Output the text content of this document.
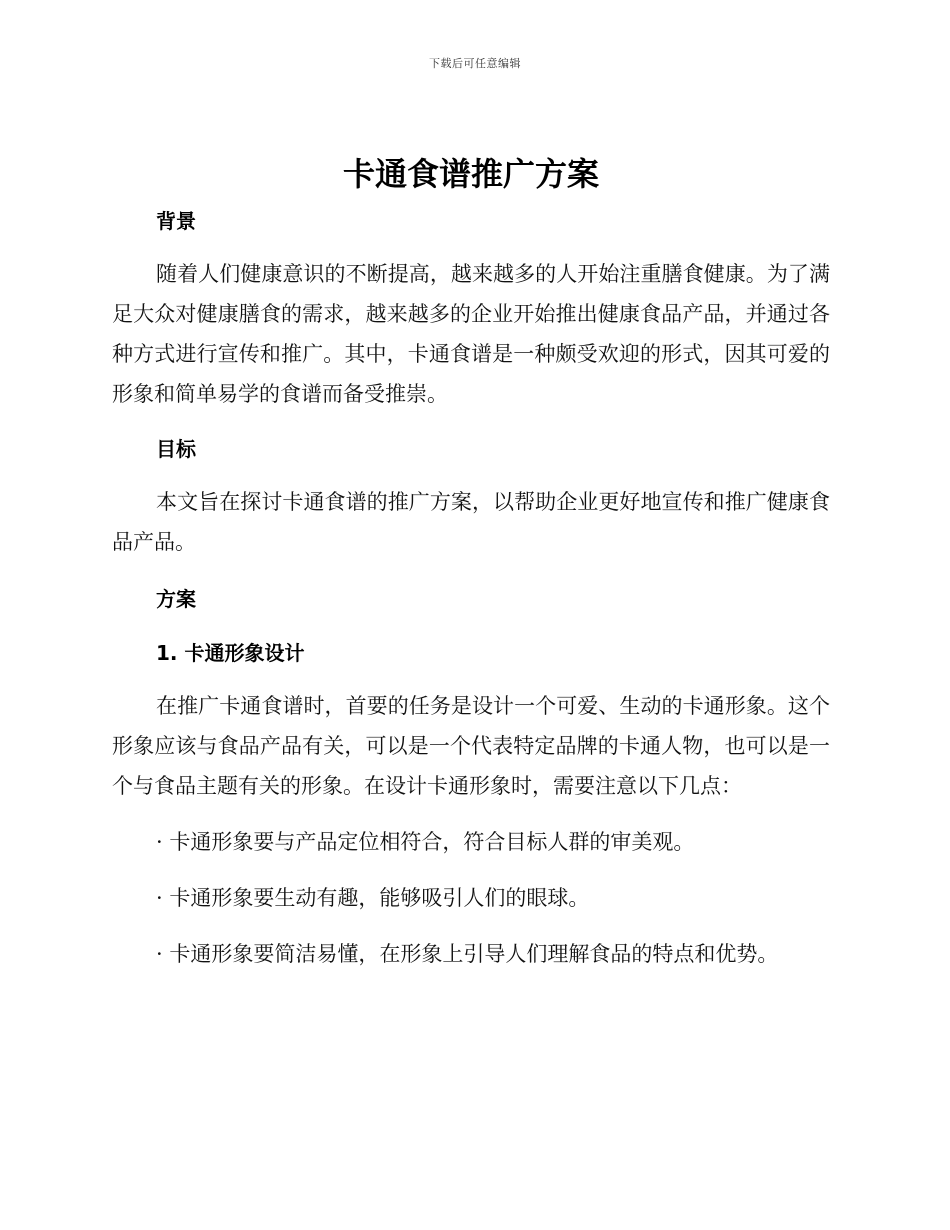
下载后可任意编辑
卡通食谱推广方案
背景

随着人们健康意识的不断提高，越来越多的人开始注重膳食健康。为了满足大众对健康膳食的需求，越来越多的企业开始推出健康食品产品，并通过各种方式进行宣传和推广。其中，卡通食谱是一种颇受欢迎的形式，因其可爱的形象和简单易学的食谱而备受推崇。

目标

本文旨在探讨卡通食谱的推广方案，以帮助企业更好地宣传和推广健康食品产品。

方案
1. 卡通形象设计

在推广卡通食谱时，首要的任务是设计一个可爱、生动的卡通形象。这个形象应该与食品产品有关，可以是一个代表特定品牌的卡通人物，也可以是一个与食品主题有关的形象。在设计卡通形象时，需要注意以下几点：

· 卡通形象要与产品定位相符合，符合目标人群的审美观。

· 卡通形象要生动有趣，能够吸引人们的眼球。

· 卡通形象要简洁易懂，在形象上引导人们理解食品的特点和优势。
